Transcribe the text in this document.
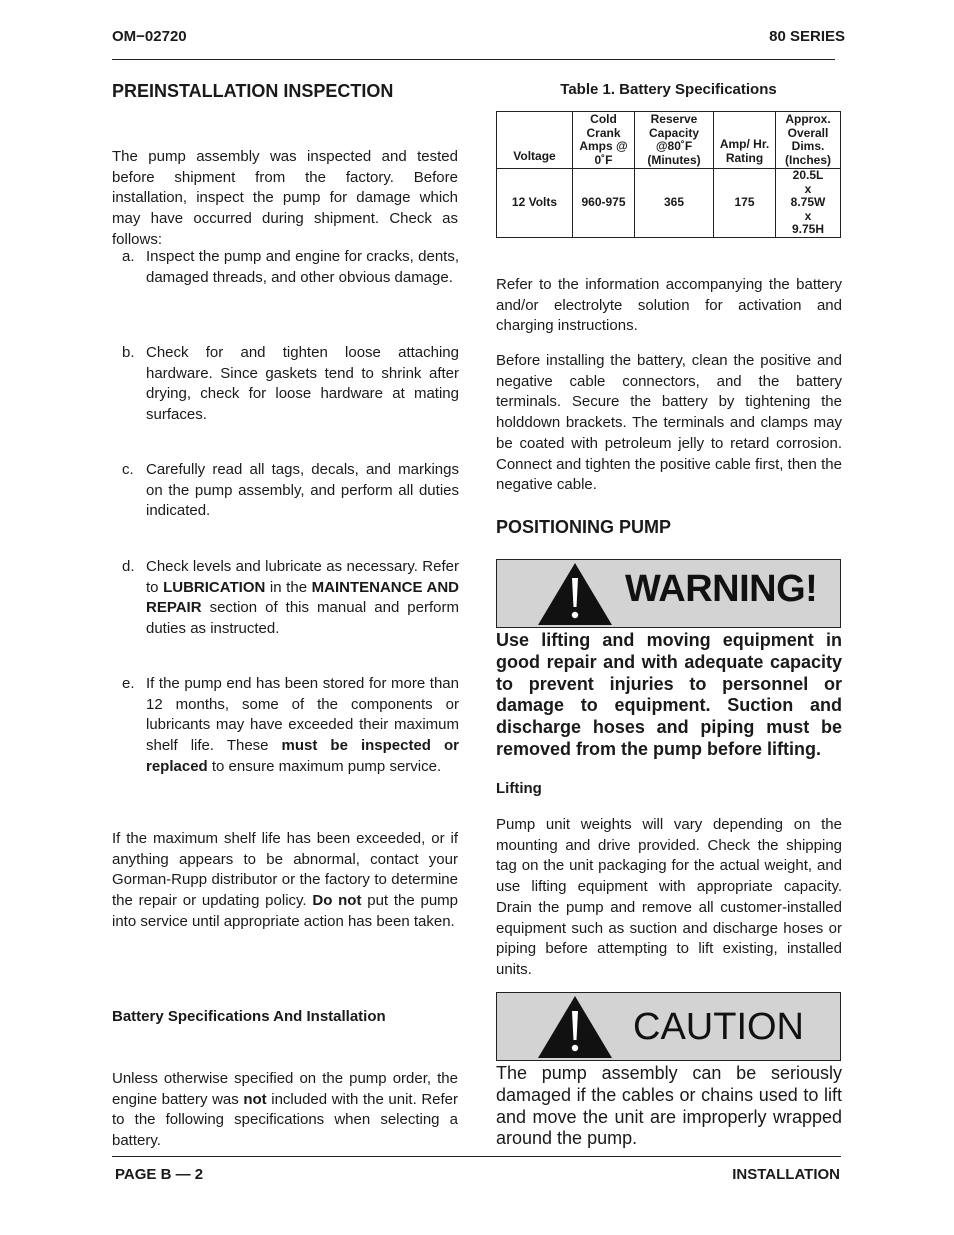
OM−02720	80 SERIES
PREINSTALLATION INSPECTION

The pump assembly was inspected and tested before shipment from the factory. Before installation, inspect the pump for damage which may have occurred during shipment. Check as follows:

a. Inspect the pump and engine for cracks, dents, damaged threads, and other obvious damage.
b. Check for and tighten loose attaching hardware. Since gaskets tend to shrink after drying, check for loose hardware at mating surfaces.
c. Carefully read all tags, decals, and markings on the pump assembly, and perform all duties indicated.
d. Check levels and lubricate as necessary. Refer to LUBRICATION in the MAINTENANCE AND REPAIR section of this manual and perform duties as instructed.
e. If the pump end has been stored for more than 12 months, some of the components or lubricants may have exceeded their maximum shelf life. These must be inspected or replaced to ensure maximum pump service.

If the maximum shelf life has been exceeded, or if anything appears to be abnormal, contact your Gorman-Rupp distributor or the factory to determine the repair or updating policy. Do not put the pump into service until appropriate action has been taken.

Battery Specifications And Installation

Unless otherwise specified on the pump order, the engine battery was not included with the unit. Refer to the following specifications when selecting a battery.

Table 1. Battery Specifications
Voltage	Cold Crank Amps @ 0˚F	Reserve Capacity @80˚F (Minutes)	Amp/ Hr. Rating	Approx. Overall Dims. (Inches)
12 Volts	960-975	365	175	20.5L x 8.75W x 9.75H

Refer to the information accompanying the battery and/or electrolyte solution for activation and charging instructions.

Before installing the battery, clean the positive and negative cable connectors, and the battery terminals. Secure the battery by tightening the holddown brackets. The terminals and clamps may be coated with petroleum jelly to retard corrosion. Connect and tighten the positive cable first, then the negative cable.

POSITIONING PUMP
WARNING!
Use lifting and moving equipment in good repair and with adequate capacity to prevent injuries to personnel or damage to equipment. Suction and discharge hoses and piping must be removed from the pump before lifting.
Lifting

Pump unit weights will vary depending on the mounting and drive provided. Check the shipping tag on the unit packaging for the actual weight, and use lifting equipment with appropriate capacity. Drain the pump and remove all customer-installed equipment such as suction and discharge hoses or piping before attempting to lift existing, installed units.

CAUTION
The pump assembly can be seriously damaged if the cables or chains used to lift and move the unit are improperly wrapped around the pump.
PAGE B — 2	INSTALLATION
